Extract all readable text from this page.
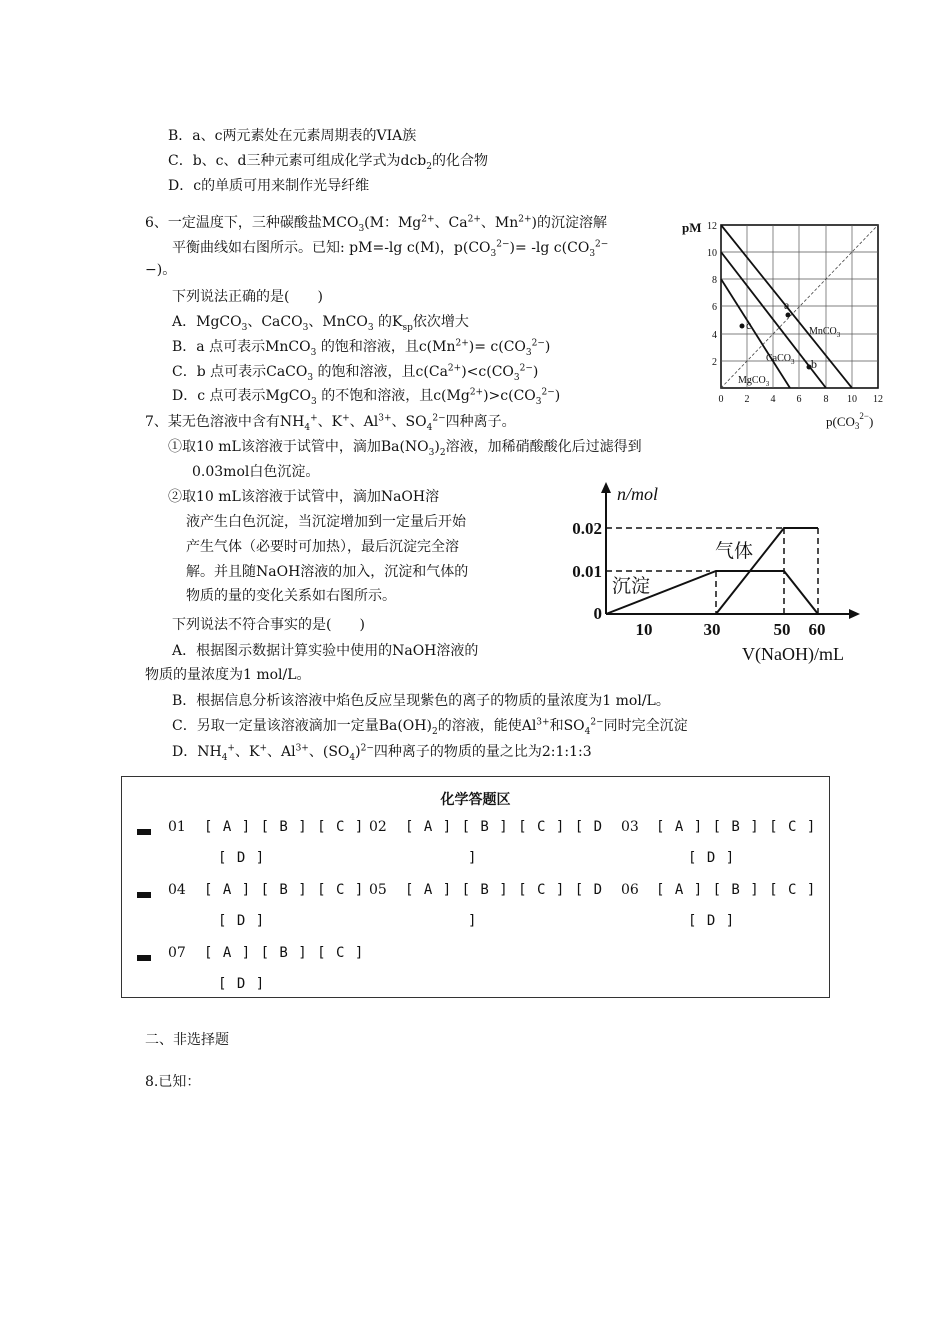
B．a、c两元素处在元素周期表的VIA族
C．b、c、d三种元素可组成化学式为dcb$_2$的化合物
D．c的单质可用来制作光导纤维
6、一定温度下，三种碳酸盐$MCO_3(M$：$Mg^{2+}$、$Ca^{2+}$、$Mn^{2+}$)的沉淀溶解
平衡曲线如右图所示。已知: pM=-lg c(M)，$p(CO_3^{2-})= -\lg$ $c(CO_3^{2-}$
−)。
下列说法正确的是(　　)
A．MgCO$_3$、CaCO$_3$、MnCO$_3$ 的$K_{sp}$依次增大
B．a 点可表示MnCO$_3$ 的饱和溶液，且$c(Mn^{2+})= c(CO_3^{2-})$
C．b 点可表示CaCO$_3$ 的饱和溶液，且$c(Ca^{2+})<c(CO_3^{2-})$
D．c 点可表示MgCO$_3$ 的不饱和溶液，且$c(Mg^{2+})>c(CO_3^{2-})$
pM
a
b
c	MnCO$_3$
CaCO$_3$
MgCO$_3$
12
10
8
6
4
2
0 2 4 6 8 10 12
$p(CO_3^{2-})$
7、某无色溶液中含有$NH_4^+$、K+、$Al^{3+}$、$SO_4^{2-}$四种离子。
①取10 mL该溶液于试管中，滴加$Ba(NO_3)_2$溶液，加稀硝酸酸化后过滤得到
0.03mol白色沉淀。
②取10 mL该溶液于试管中，滴加NaOH溶
液产生白色沉淀，当沉淀增加到一定量后开始
产生气体（必要时可加热），最后沉淀完全溶
解。并且随NaOH溶液的加入，沉淀和气体的
物质的量的变化关系如右图所示。
下列说法不符合事实的是(　　)
A．根据图示数据计算实验中使用的NaOH溶液的
物质的量浓度为1 mol/L。
B．根据信息分析该溶液中焰色反应呈现紫色的离子的物质的量浓度为1 mol/L。
C．另取一定量该溶液滴加一定量$Ba(OH)_2$的溶液，能使$Al^{3+}$和$SO_4^{2-}$同时完全沉淀
D．$NH_4^+$、K+、$Al^{3+}$、$(SO_4)^{2-}$四种离子的物质的量之比为2:1:1:3
n/mol
0.02
0.01
0
气体
沉淀
10	30	50 60
V(NaOH)/mL
化学答题区
01 [ A ] [ B ] [ C ]
[ D ]
02 [ A ] [ B ] [ C ] [ D
]
03 [ A ] [ B ] [ C ]
[ D ]
04 [ A ] [ B ] [ C ]
[ D ]
05 [ A ] [ B ] [ C ] [ D
]
06 [ A ] [ B ] [ C ]
[ D ]
07 [ A ] [ B ] [ C ]
[ D ]
二、非选择题
8.已知：
